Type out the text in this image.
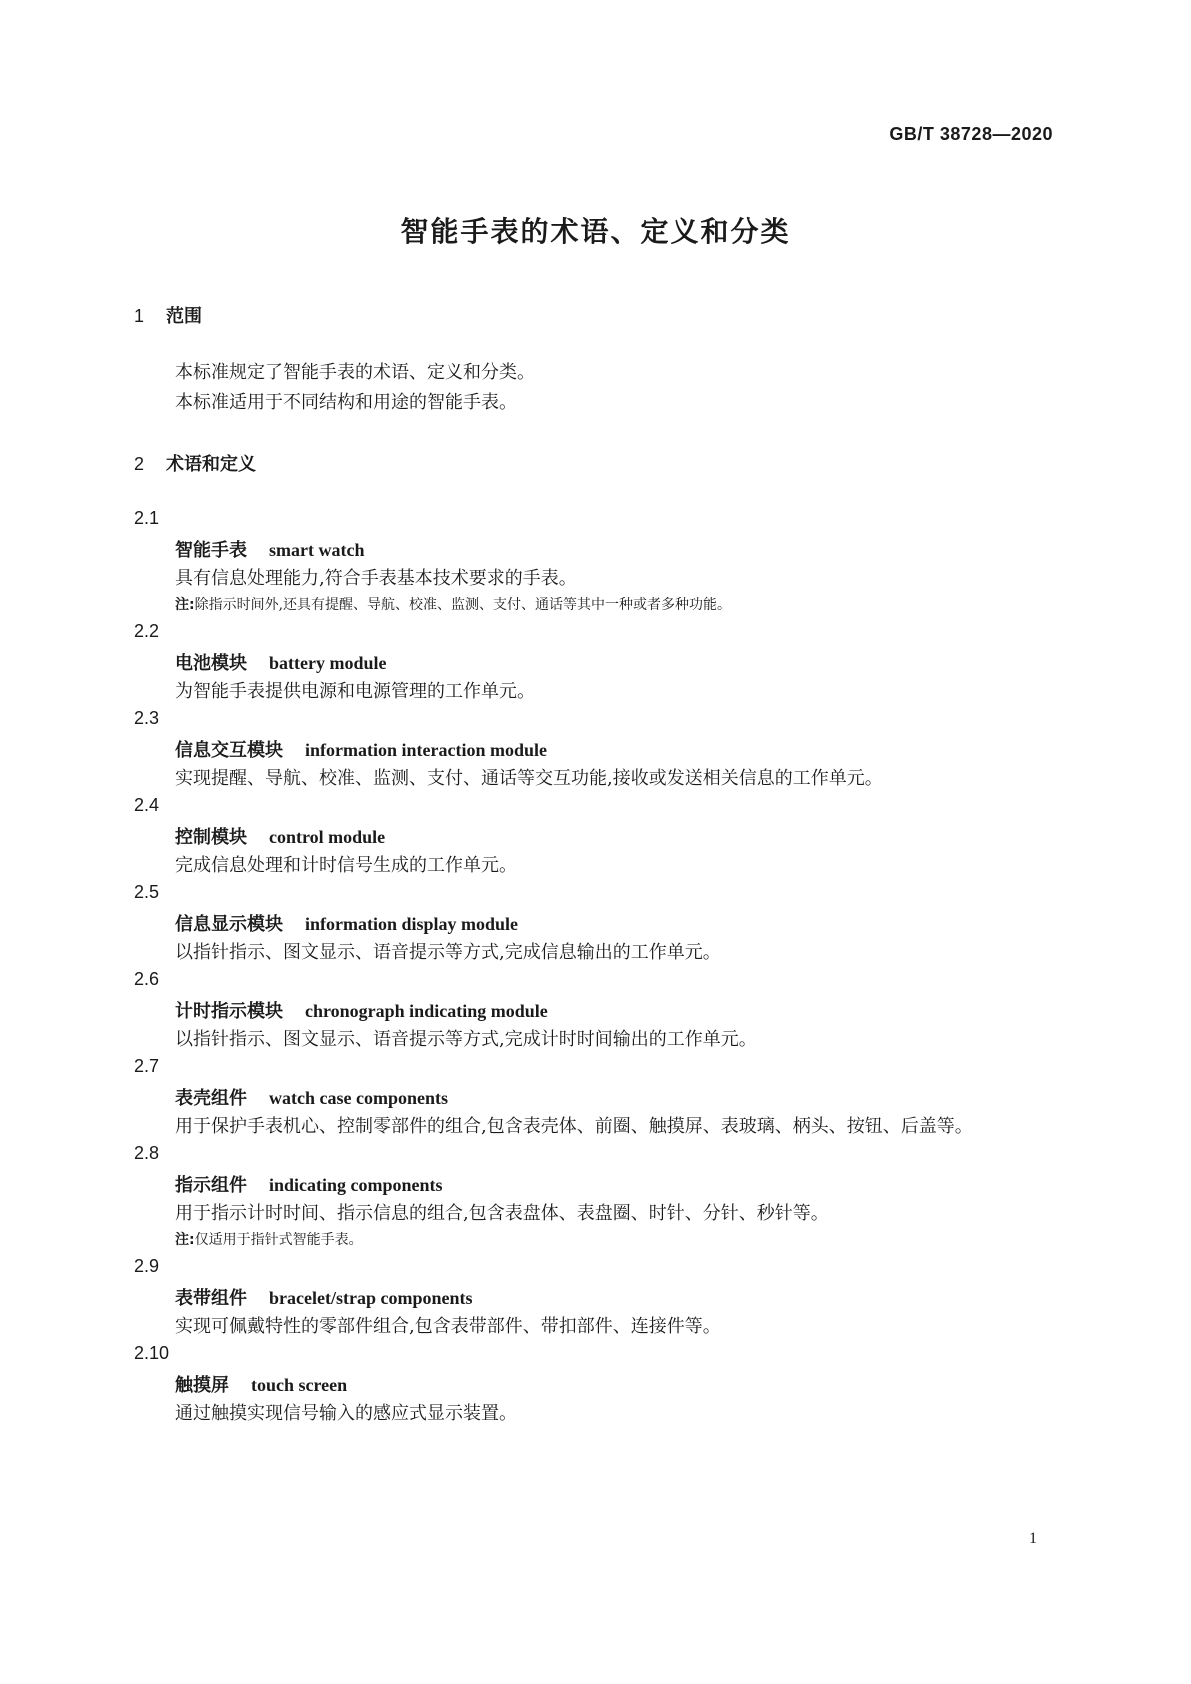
GB/T 38728—2020
智能手表的术语、定义和分类
1 范围
本标准规定了智能手表的术语、定义和分类。
本标准适用于不同结构和用途的智能手表。
2 术语和定义
2.1
智能手表 smart watch
具有信息处理能力,符合手表基本技术要求的手表。
注:除指示时间外,还具有提醒、导航、校准、监测、支付、通话等其中一种或者多种功能。
2.2
电池模块 battery module
为智能手表提供电源和电源管理的工作单元。
2.3
信息交互模块 information interaction module
实现提醒、导航、校准、监测、支付、通话等交互功能,接收或发送相关信息的工作单元。
2.4
控制模块 control module
完成信息处理和计时信号生成的工作单元。
2.5
信息显示模块 information display module
以指针指示、图文显示、语音提示等方式,完成信息输出的工作单元。
2.6
计时指示模块 chronograph indicating module
以指针指示、图文显示、语音提示等方式,完成计时时间输出的工作单元。
2.7
表壳组件 watch case components
用于保护手表机心、控制零部件的组合,包含表壳体、前圈、触摸屏、表玻璃、柄头、按钮、后盖等。
2.8
指示组件 indicating components
用于指示计时时间、指示信息的组合,包含表盘体、表盘圈、时针、分针、秒针等。
注:仅适用于指针式智能手表。
2.9
表带组件 bracelet/strap components
实现可佩戴特性的零部件组合,包含表带部件、带扣部件、连接件等。
2.10
触摸屏 touch screen
通过触摸实现信号输入的感应式显示装置。
1
